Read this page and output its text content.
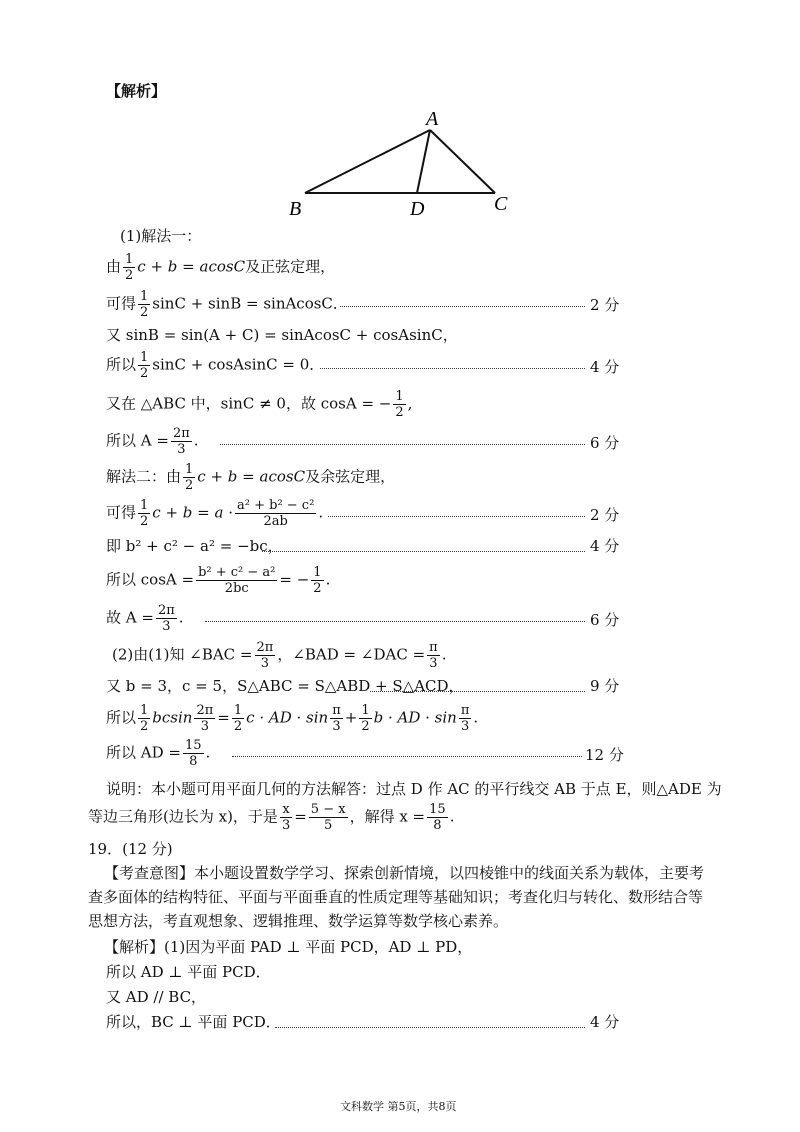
【解析】
A
B	D	C
(1)解法一：
由 $\frac{1}{2}$ c + b = acosC及正弦定理，
可得 $\frac{1}{2}$ sinC + sinB = sinAcosC．	2 分
又 sinB = sin(A + C) = sinAcosC + cosAsinC，
所以 $\frac{1}{2}$ sinC + cosAsinC = 0．	4 分
又在 △ABC 中，sinC ≠ 0，故 cosA = − $\frac{1}{2}$ ,
所以 $A = \frac{2\pi}{3}$ .	6 分
解法二：由 $\frac{1}{2}$ c + b = acosC及余弦定理，
可得 $\frac{1}{2}$ $c + b = a \cdot \frac{\text{a² + b² − c²}}{2ab}$ .	2 分
即 b² + c² − a² = −bc，	4 分
所以 $\cos A = \frac{\text{b² + c² − a²}}{2bc}$ = − $\frac{1}{2}$ .
故 $A = \frac{2\pi}{3}$ .	6 分
(2)由(1)知 ∠BAC = $\frac{2\pi}{3}$ ，∠BAD = ∠DAC = $\frac{\pi}{3}$ .
又 b = 3，c = 5，S△ABC = S△ABD + S△ACD，	9 分
所以 $\frac{1}{2}$ bcsin $\frac{2\pi}{3} = \frac{1}{2}$ c · AD · $\sin \frac{\pi}{3} + \frac{1}{2}$ b · AD · $\sin \frac{\pi}{3}$ .
所以 AD = $\frac{15}{8}$ .	12 分
说明：本小题可用平面几何的方法解答：过点 D 作 AC 的平行线交 AB 于点 E，则△ADE 为
等边三角形(边长为 x)，于是 $\frac{x}{3} = \frac{5 - x}{5}$ ，解得 $x = \frac{15}{8}$ .
19．(12 分)
【考查意图】本小题设置数学学习、探索创新情境，以四棱锥中的线面关系为载体，主要考
查多面体的结构特征、平面与平面垂直的性质定理等基础知识；考查化归与转化、数形结合等
思想方法，考直观想象、逻辑推理、数学运算等数学核心素养。
【解析】(1)因为平面 PAD ⊥ 平面 PCD，AD ⊥ PD，
所以 AD ⊥ 平面 PCD．
又 AD // BC，
所以，BC ⊥ 平面 PCD．	4 分
文科数学 第5页，共8页
